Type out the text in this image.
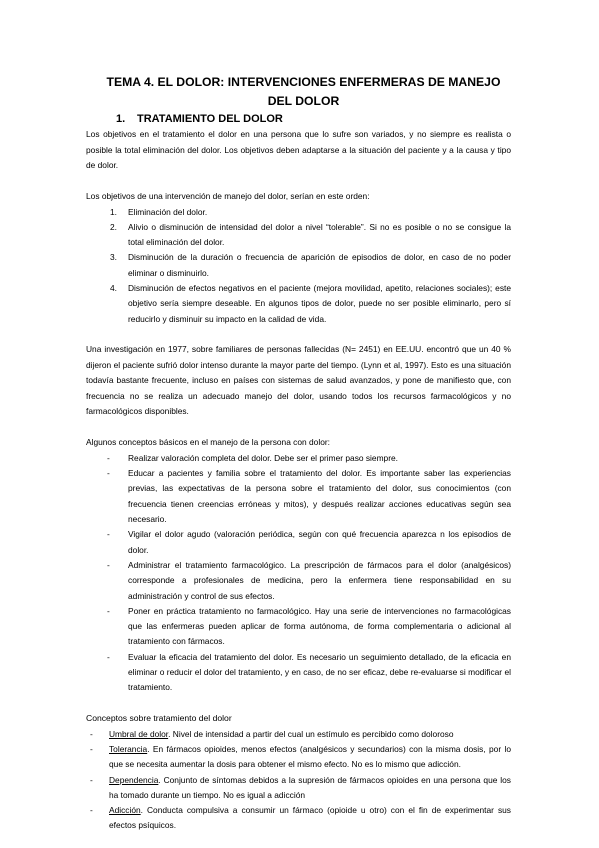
TEMA 4. EL DOLOR: INTERVENCIONES ENFERMERAS DE MANEJO DEL DOLOR
1. TRATAMIENTO DEL DOLOR

Los objetivos en el tratamiento el dolor en una persona que lo sufre son variados, y no siempre es realista o posible la total eliminación del dolor. Los objetivos deben adaptarse a la situación del paciente y a la causa y tipo de dolor.

Los objetivos de una intervención de manejo del dolor, serían en este orden:

1. Eliminación del dolor.
2. Alivio o disminución de intensidad del dolor a nivel “tolerable”. Si no es posible o no se consigue la total eliminación del dolor.
3. Disminución de la duración o frecuencia de aparición de episodios de dolor, en caso de no poder eliminar o disminuirlo.
4. Disminución de efectos negativos en el paciente (mejora movilidad, apetito, relaciones sociales); este objetivo sería siempre deseable. En algunos tipos de dolor, puede no ser posible eliminarlo, pero sí reducirlo y disminuir su impacto en la calidad de vida.

Una investigación en 1977, sobre familiares de personas fallecidas (N= 2451) en EE.UU. encontró que un 40 % dijeron el paciente sufrió dolor intenso durante la mayor parte del tiempo. (Lynn et al, 1997). Esto es una situación todavía bastante frecuente, incluso en países con sistemas de salud avanzados, y pone de manifiesto que, con frecuencia no se realiza un adecuado manejo del dolor, usando todos los recursos farmacológicos y no farmacológicos disponibles.

Algunos conceptos básicos en el manejo de la persona con dolor:

- Realizar valoración completa del dolor. Debe ser el primer paso siempre.
- Educar a pacientes y familia sobre el tratamiento del dolor. Es importante saber las experiencias previas, las expectativas de la persona sobre el tratamiento del dolor, sus conocimientos (con frecuencia tienen creencias erróneas y mitos), y después realizar acciones educativas según sea necesario.
- Vigilar el dolor agudo (valoración periódica, según con qué frecuencia aparezca n los episodios de dolor.
- Administrar el tratamiento farmacológico. La prescripción de fármacos para el dolor (analgésicos) corresponde a profesionales de medicina, pero la enfermera tiene responsabilidad en su administración y control de sus efectos.
- Poner en práctica tratamiento no farmacológico. Hay una serie de intervenciones no farmacológicas que las enfermeras pueden aplicar de forma autónoma, de forma complementaria o adicional al tratamiento con fármacos.
- Evaluar la eficacia del tratamiento del dolor. Es necesario un seguimiento detallado, de la eficacia en eliminar o reducir el dolor del tratamiento, y en caso, de no ser eficaz, debe re-evaluarse si modificar el tratamiento.

Conceptos sobre tratamiento del dolor

- Umbral de dolor. Nivel de intensidad a partir del cual un estímulo es percibido como doloroso
- Tolerancia. En fármacos opioides, menos efectos (analgésicos y secundarios) con la misma dosis, por lo que se necesita aumentar la dosis para obtener el mismo efecto. No es lo mismo que adicción.
- Dependencia. Conjunto de síntomas debidos a la supresión de fármacos opioides en una persona que los ha tomado durante un tiempo. No es igual a adicción
- Adicción. Conducta compulsiva a consumir un fármaco (opioide u otro) con el fin de experimentar sus efectos psíquicos.
